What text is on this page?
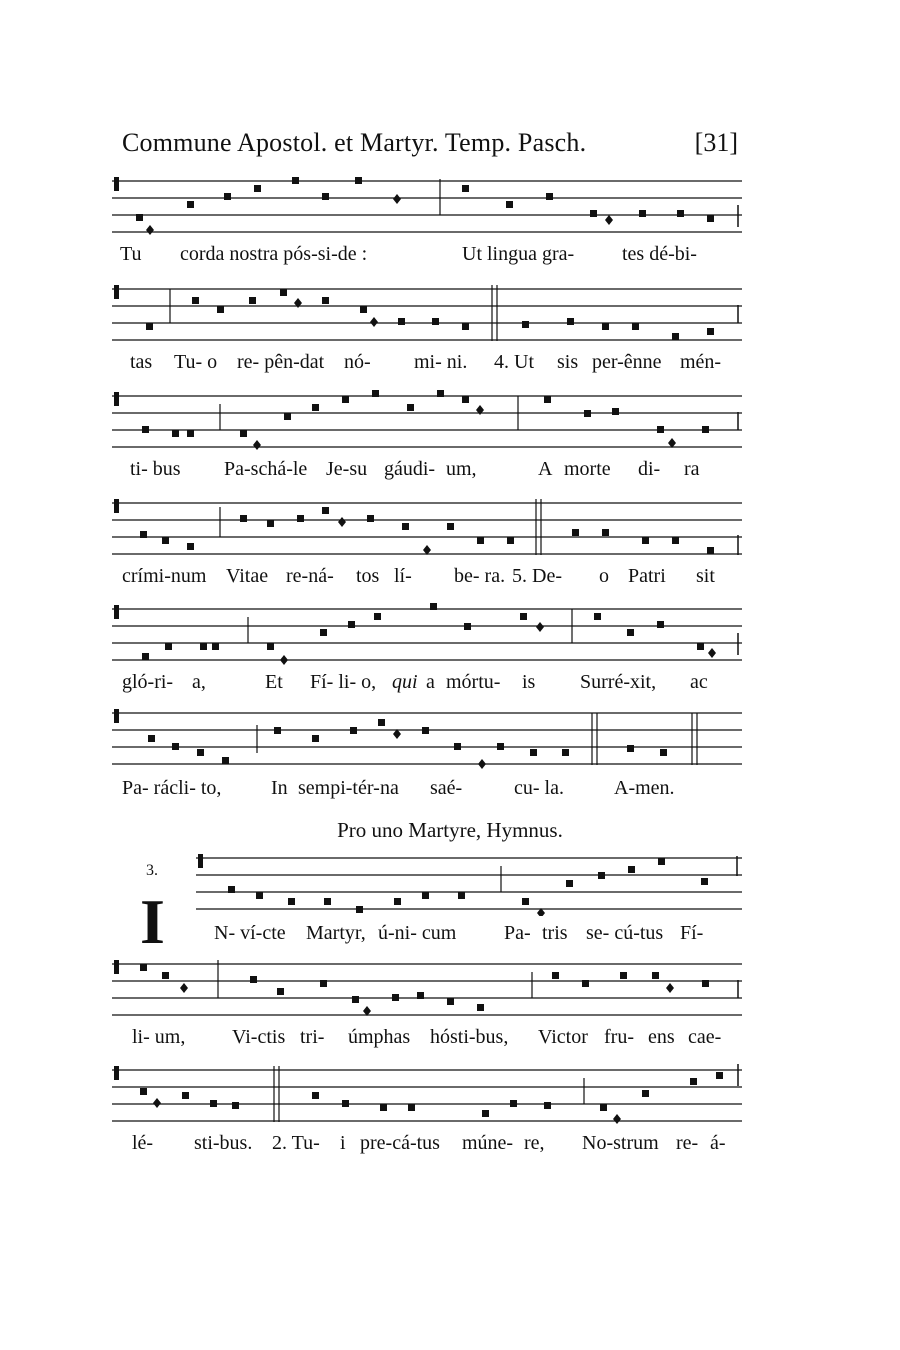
Commune Apostol. et Martyr. Temp. Pasch.	[31]
Tu corda nostra pós-si-de :	Ut lingua gra- tes dé-bi-
tas Tu- o re- pên-dat nó- mi- ni. 4. Ut sis per-ênne mén-
ti- bus Pa-schá-le Je-su gáudi- um,	A morte di- ra
crími-num Vitae re-ná- tos lí- be- ra. 5. De- o Patri sit
gló-ri- a,	Et Fí- li- o, qui a mórtu- is Surré-xit, ac
Pa- rácli- to, In sempi-tér- na saé-	cu- la.	A-men.
Pro uno Martyre, Hymnus.
3.
I N- ví-cte Martyr, ú-ni- cum Pa- tris se- cú-tus Fí-
li- um, Vi-ctis tri- úmphas hósti-bus, Victor fru- ens cae-
lé- sti-bus. 2. Tu- i pre-cá-tus múne- re, No-strum re- á-
